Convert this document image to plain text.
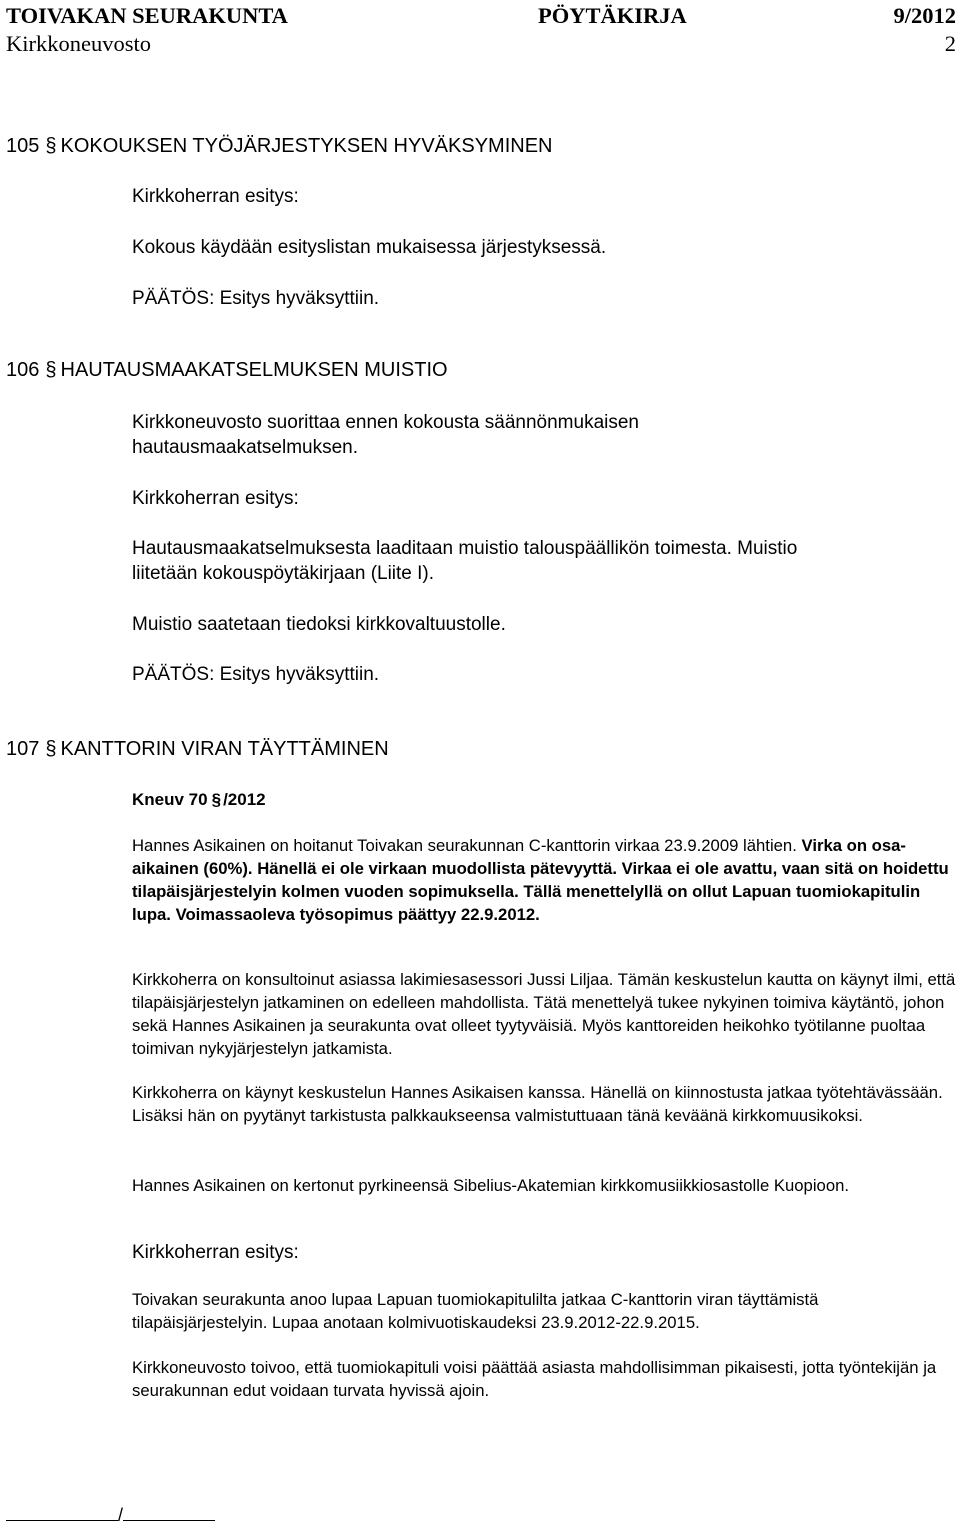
TOIVAKAN SEURAKUNTA	PÖYTÄKIRJA	9/2012
Kirkkoneuvosto	2
105 § KOKOUKSEN TYÖJÄRJESTYKSEN HYVÄKSYMINEN
Kirkkoherran esitys:
Kokous käydään esityslistan mukaisessa järjestyksessä.
PÄÄTÖS: Esitys hyväksyttiin.
106 § HAUTAUSMAAKATSELMUKSEN MUISTIO
Kirkkoneuvosto suorittaa ennen kokousta säännönmukaisen
hautausmaakatselmuksen.
Kirkkoherran esitys:
Hautausmaakatselmuksesta laaditaan muistio talouspäällikön toimesta. Muistio
liitetään kokouspöytäkirjaan (Liite I).
Muistio saatetaan tiedoksi kirkkovaltuustolle.
PÄÄTÖS: Esitys hyväksyttiin.
107 § KANTTORIN VIRAN TÄYTTÄMINEN
Kneuv 70 § /2012
Hannes Asikainen on hoitanut Toivakan seurakunnan C-kanttorin virkaa 23.9.2009 lähtien. Virka on osa-aikainen (60%). Hänellä ei ole virkaan muodollista pätevyyttä. Virkaa ei ole avattu, vaan sitä on hoidettu tilapäisjärjestelyin kolmen vuoden sopimuksella. Tällä menettelyllä on ollut Lapuan tuomiokapitulin lupa. Voimassaoleva työsopimus päättyy 22.9.2012.
Kirkkoherra on konsultoinut asiassa lakimiesasessori Jussi Liljaa. Tämän keskustelun kautta on käynyt ilmi, että tilapäisjärjestelyn jatkaminen on edelleen mahdollista. Tätä menettelyä tukee nykyinen toimiva käytäntö, johon sekä Hannes Asikainen ja seurakunta ovat olleet tyytyväisiä. Myös kanttoreiden heikohko työtilanne puoltaa toimivan nykyjärjestelyn jatkamista.
Kirkkoherra on käynyt keskustelun Hannes Asikaisen kanssa. Hänellä on kiinnostusta jatkaa työtehtävässään. Lisäksi hän on pyytänyt tarkistusta palkkaukseensa valmistuttuaan tänä keväänä kirkkomuusikoksi.
Hannes Asikainen on kertonut pyrkineensä Sibelius-Akatemian kirkkomusiikkiosastolle Kuopioon.
Kirkkoherran esitys:
Toivakan seurakunta anoo lupaa Lapuan tuomiokapitulilta jatkaa C-kanttorin viran täyttämistä tilapäisjärjestelyin. Lupaa anotaan kolmivuotiskaudeksi 23.9.2012-22.9.2015.
Kirkkoneuvosto toivoo, että tuomiokapituli voisi päättää asiasta mahdollisimman pikaisesti, jotta työntekijän ja seurakunnan edut voidaan turvata hyvissä ajoin.
/
